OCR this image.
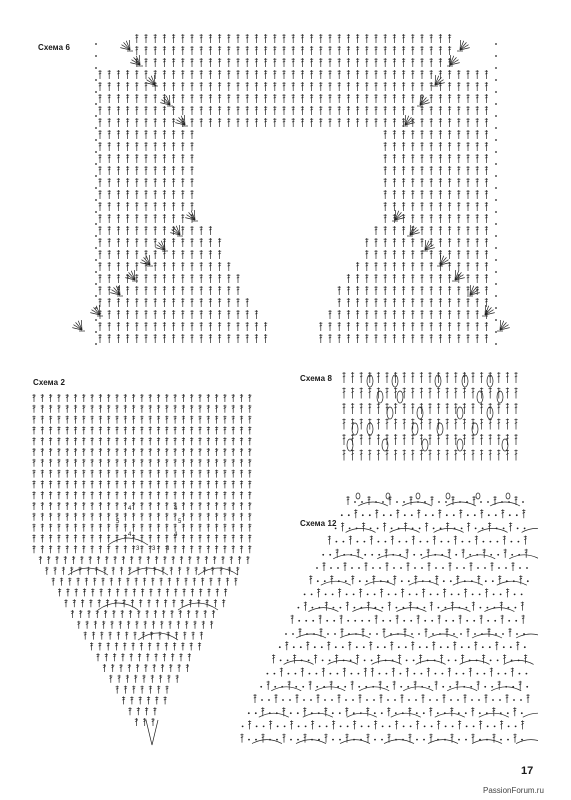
Схема 6
Схема 2
4	4
5	5
4	4
3 3 3
Схема 8
Схема 12
17
PassionForum.ru
